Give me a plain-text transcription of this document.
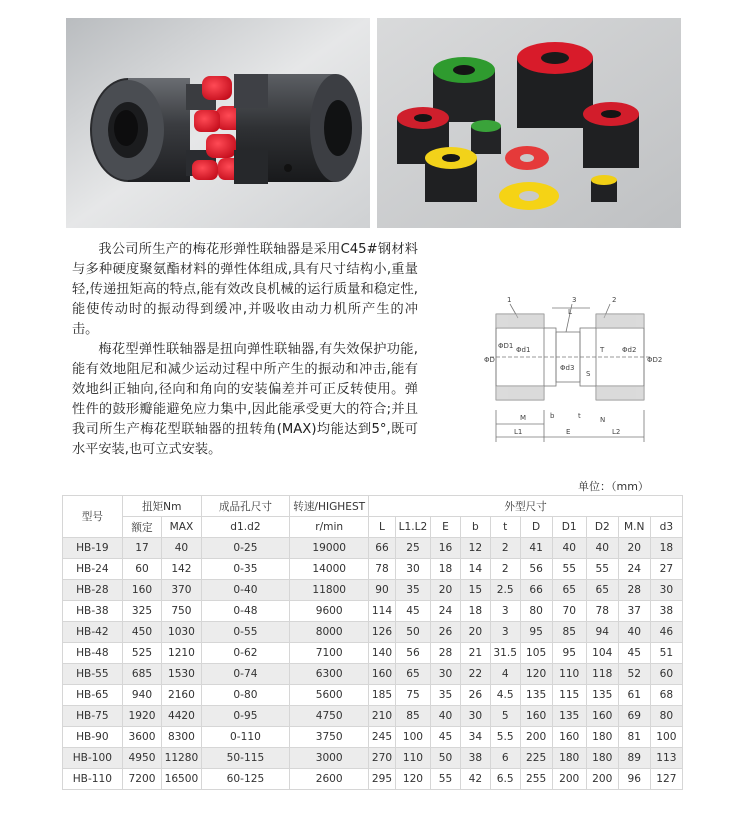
我公司所生产的梅花形弹性联轴器是采用C45#钢材料与多种硬度聚氨酯材料的弹性体组成,具有尺寸结构小,重量轻,传递扭矩高的特点,能有效改良机械的运行质量和稳定性,能使传动时的振动得到缓冲,并吸收由动力机所产生的冲击。

梅花型弹性联轴器是扭向弹性联轴器,有失效保护功能,能有效地阻尼和减少运动过程中所产生的振动和冲击,能有效地纠正轴向,径向和角向的安装偏差并可正反转使用。弹性件的鼓形瓣能避免应力集中,因此能承受更大的符合;并且我司所生产梅花型联轴器的扭转角(MAX)均能达到5°,既可水平安装,也可立式安装。

1	3	2
L
ΦD
ΦD1 Φd1
Φd3
S
T	Φd2
ΦD2
M	b	t	N
L1	E	L2
单位：（mm）
型号	扭矩Nm		成品孔尺寸	转速/HIGHEST	外型尺寸									
	额定	MAX	d1.d2	r/min	L	L1.L2	E	b	t	D	D1	D2	M.N	d3
HB-19	17	40	0-25	19000	66	25	16	12	2	41	40	40	20	18
HB-24	60	142	0-35	14000	78	30	18	14	2	56	55	55	24	27
HB-28	160	370	0-40	11800	90	35	20	15	2.5	66	65	65	28	30
HB-38	325	750	0-48	9600	114	45	24	18	3	80	70	78	37	38
HB-42	450	1030	0-55	8000	126	50	26	20	3	95	85	94	40	46
HB-48	525	1210	0-62	7100	140	56	28	21	31.5	105	95	104	45	51
HB-55	685	1530	0-74	6300	160	65	30	22	4	120	110	118	52	60
HB-65	940	2160	0-80	5600	185	75	35	26	4.5	135	115	135	61	68
HB-75	1920	4420	0-95	4750	210	85	40	30	5	160	135	160	69	80
HB-90	3600	8300	0-110	3750	245	100	45	34	5.5	200	160	180	81	100
HB-100	4950	11280	50-115	3000	270	110	50	38	6	225	180	180	89	113
HB-110	7200	16500	60-125	2600	295	120	55	42	6.5	255	200	200	96	127
